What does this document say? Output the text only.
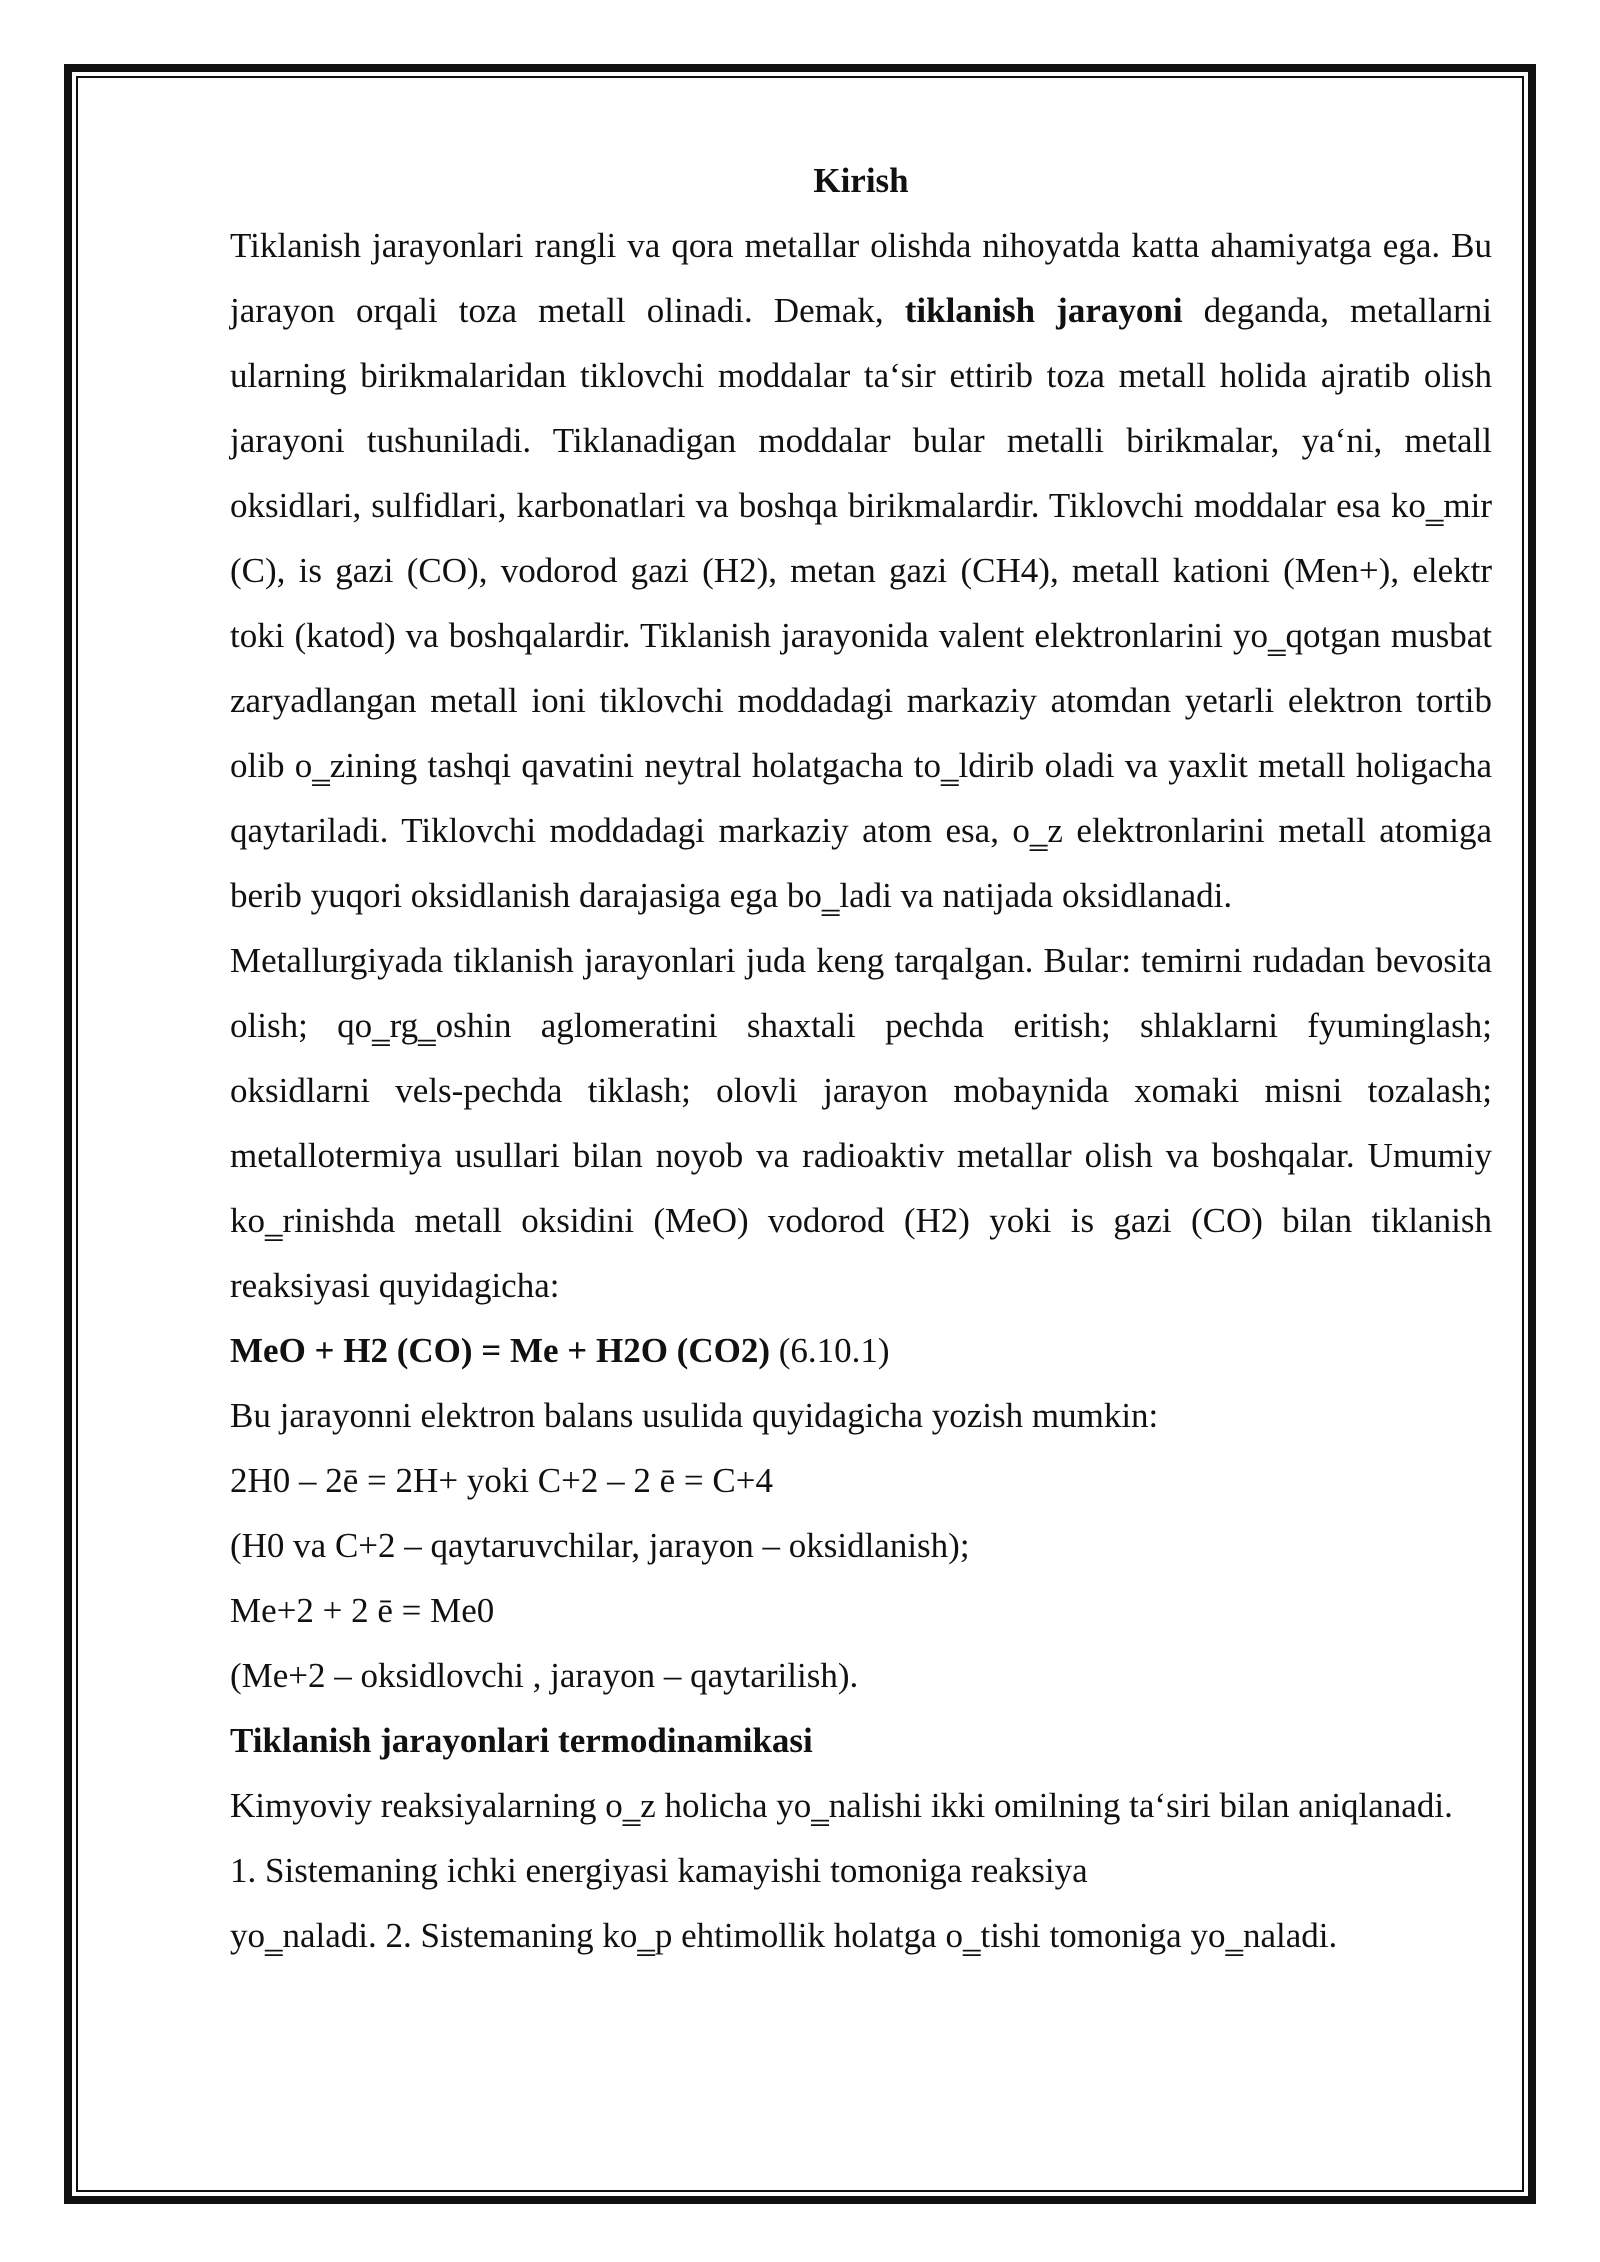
Kirish

Tiklanish jarayonlari rangli va qora metallar olishda nihoyatda katta ahamiyatga ega. Bu jarayon orqali toza metall olinadi. Demak, tiklanish jarayoni deganda, metallarni ularning birikmalaridan tiklovchi moddalar ta‘sir ettirib toza metall holida ajratib olish jarayoni tushuniladi. Tiklanadigan moddalar bular metalli birikmalar, ya‘ni, metall oksidlari, sulfidlari, karbonatlari va boshqa birikmalardir. Tiklovchi moddalar esa ko‗mir (C), is gazi (CO), vodorod gazi (H2), metan gazi (CH4), metall kationi (Men+), elektr toki (katod) va boshqalardir. Tiklanish jarayonida valent elektronlarini yo‗qotgan musbat zaryadlangan metall ioni tiklovchi moddadagi markaziy atomdan yetarli elektron tortib olib o‗zining tashqi qavatini neytral holatgacha to‗ldirib oladi va yaxlit metall holigacha qaytariladi. Tiklovchi moddadagi markaziy atom esa, o‗z elektronlarini metall atomiga berib yuqori oksidlanish darajasiga ega bo‗ladi va natijada oksidlanadi.

Metallurgiyada tiklanish jarayonlari juda keng tarqalgan. Bular: temirni rudadan bevosita olish; qo‗rg‗oshin aglomeratini shaxtali pechda eritish; shlaklarni fyuminglash; oksidlarni vels-pechda tiklash; olovli jarayon mobaynida xomaki misni tozalash; metallotermiya usullari bilan noyob va radioaktiv metallar olish va boshqalar. Umumiy ko‗rinishda metall oksidini (MeO) vodorod (H2) yoki is gazi (CO) bilan tiklanish reaksiyasi quyidagicha:

MeO + H2 (CO) = Me + H2O (CO2) (6.10.1)

Bu jarayonni elektron balans usulida quyidagicha yozish mumkin:

2H0 – 2ē = 2H+ yoki C+2 – 2 ē = C+4

(H0 va C+2 – qaytaruvchilar, jarayon – oksidlanish);

Me+2 + 2 ē = Me0

(Me+2 – oksidlovchi , jarayon – qaytarilish).

Tiklanish jarayonlari termodinamikasi

Kimyoviy reaksiyalarning o‗z holicha yo‗nalishi ikki omilning ta‘siri bilan aniqlanadi.

1. Sistemaning ichki energiyasi kamayishi tomoniga reaksiya

yo‗naladi. 2. Sistemaning ko‗p ehtimollik holatga o‗tishi tomoniga yo‗naladi.
